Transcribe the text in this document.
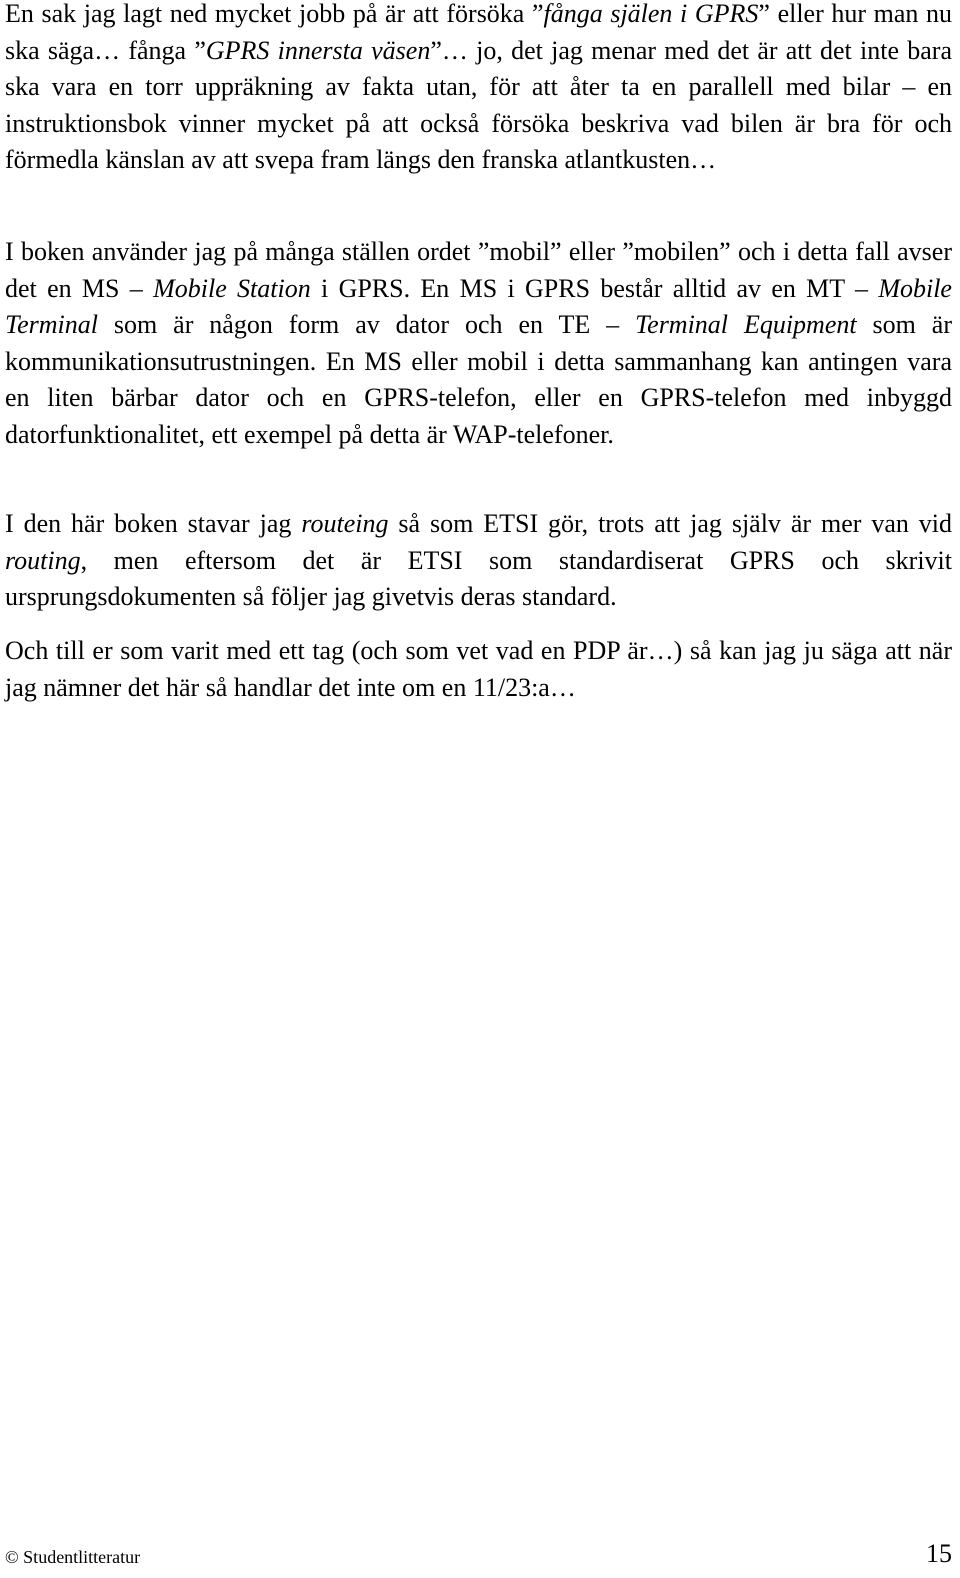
En sak jag lagt ned mycket jobb på är att försöka ”fånga själen i GPRS” eller hur man nu ska säga… fånga ”GPRS innersta väsen”… jo, det jag menar med det är att det inte bara ska vara en torr uppräkning av fakta utan, för att åter ta en parallell med bilar – en instruktionsbok vinner mycket på att också försöka beskriva vad bilen är bra för och förmedla känslan av att svepa fram längs den franska atlantkusten…

I boken använder jag på många ställen ordet ”mobil” eller ”mobilen” och i detta fall avser det en MS – Mobile Station i GPRS. En MS i GPRS består alltid av en MT – Mobile Terminal som är någon form av dator och en TE – Terminal Equipment som är kommunikationsutrustningen. En MS eller mobil i detta sammanhang kan antingen vara en liten bärbar dator och en GPRS-telefon, eller en GPRS-telefon med inbyggd datorfunktionalitet, ett exempel på detta är WAP-telefoner.

I den här boken stavar jag routeing så som ETSI gör, trots att jag själv är mer van vid routing, men eftersom det är ETSI som standardiserat GPRS och skrivit ursprungsdokumenten så följer jag givetvis deras standard.

Och till er som varit med ett tag (och som vet vad en PDP är…) så kan jag ju säga att när jag nämner det här så handlar det inte om en 11/23:a…

© Studentlitteratur	15
